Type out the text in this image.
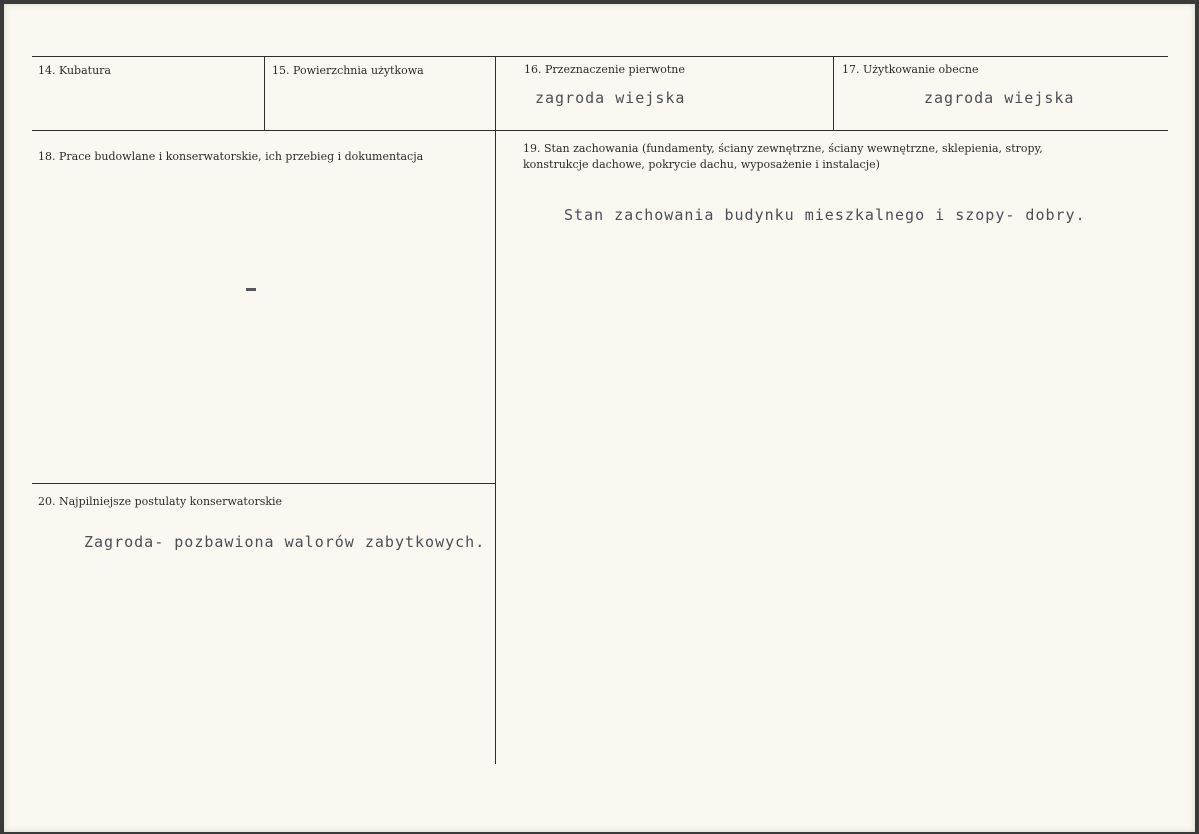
14. Kubatura	15. Powierzchnia użytkowa	16. Przeznaczenie pierwotne
zagroda wiejska
17. Użytkowanie obecne
zagroda wiejska
18. Prace budowlane i konserwatorskie, ich przebieg i dokumentacja
19. Stan zachowania (fundamenty, ściany zewnętrzne, ściany wewnętrzne, sklepienia, stropy,
konstrukcje dachowe, pokrycie dachu, wyposażenie i instalacje)
Stan zachowania budynku mieszkalnego i szopy- dobry.
20. Najpilniejsze postulaty konserwatorskie
Zagroda- pozbawiona walorów zabytkowych.
